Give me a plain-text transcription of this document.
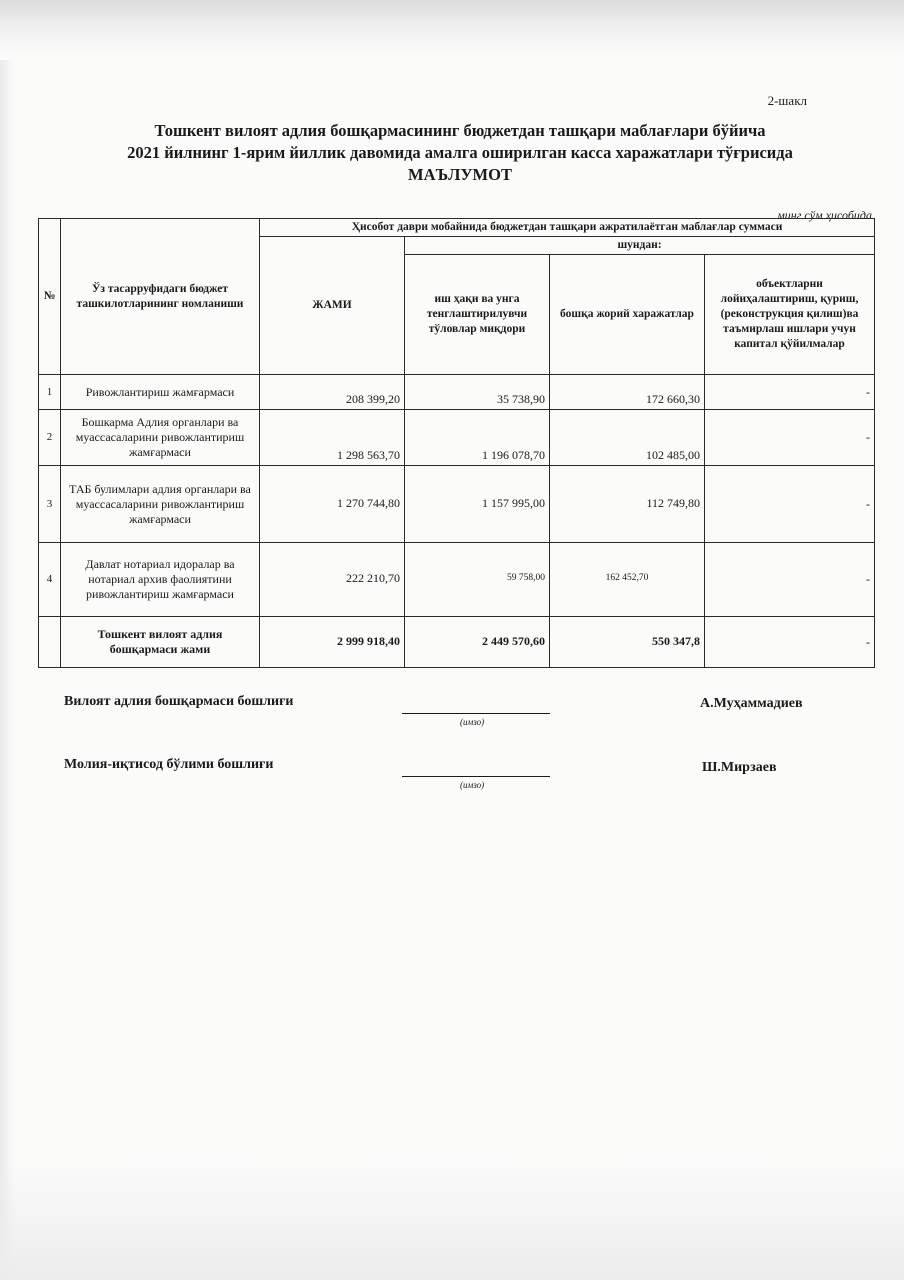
2-шакл
Тошкент вилоят адлия бошқармасининг бюджетдан ташқари маблағлари бўйича
2021 йилнинг 1-ярим йиллик давомида амалга оширилган касса харажатлари тўғрисида
МАЪЛУМОТ
минг сўм ҳисобида
№	Ўз тасарруфидаги бюджет ташкилотларининг номланиши	Ҳисобот даври мобайнида бюджетдан ташқари ажратилаётган маблағлар суммаси			
		ЖАМИ	шундан:		
			иш ҳақи ва унга тенглаштирилувчи тўловлар миқдори	бошқа жорий харажатлар	объектларни лойиҳалаштириш, қуриш, (реконструкция қилиш)ва таъмирлаш ишлари учун капитал қўйилмалар
1	Ривожлантириш жамғармаси	208 399,20	35 738,90	172 660,30	-
2	Бошкарма Адлия органлари ва муассасаларини ривожлантириш жамғармаси	1 298 563,70	1 196 078,70	102 485,00	-
3	ТАБ булимлари адлия органлари ва муассасаларини ривожлантириш жамғармаси	1 270 744,80	1 157 995,00	112 749,80	-
4	Давлат нотариал идоралар ва нотариал архив фаолиятини ривожлантириш жамғармаси	222 210,70	59 758,00	162 452,70	-
	Тошкент вилоят адлия бошқармаси жами	2 999 918,40	2 449 570,60	550 347,8	-
Вилоят адлия бошқармаси бошлиғи
(имзо)
А.Муҳаммадиев
Молия-иқтисод бўлими бошлиғи
(имзо)
Ш.Мирзаев
